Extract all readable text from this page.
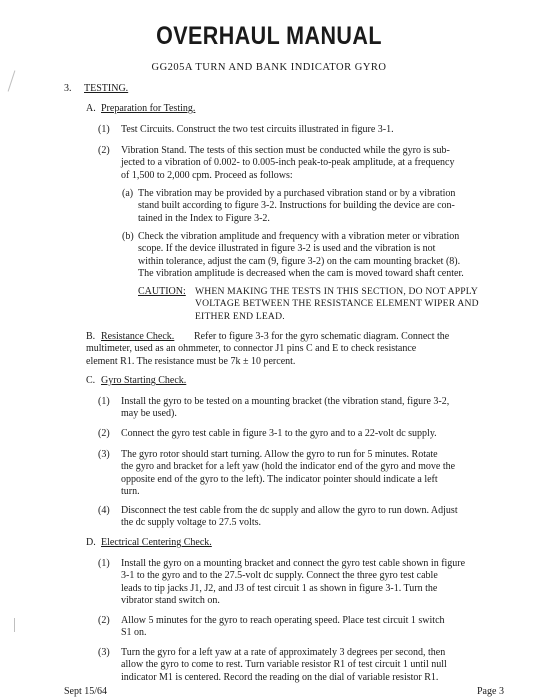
OVERHAUL MANUAL
GG205A TURN AND BANK INDICATOR GYRO
3. TESTING.
A. Preparation for Testing.
(1) Test Circuits. Construct the two test circuits illustrated in figure 3-1.
(2) Vibration Stand. The tests of this section must be conducted while the gyro is sub-
jected to a vibration of 0.002- to 0.005-inch peak-to-peak amplitude, at a frequency
of 1,500 to 2,000 cpm. Proceed as follows:
(a) The vibration may be provided by a purchased vibration stand or by a vibration
stand built according to figure 3-2. Instructions for building the device are con-
tained in the Index to Figure 3-2.
(b) Check the vibration amplitude and frequency with a vibration meter or vibration
scope. If the device illustrated in figure 3-2 is used and the vibration is not
within tolerance, adjust the cam (9, figure 3-2) on the cam mounting bracket (8).
The vibration amplitude is decreased when the cam is moved toward shaft center.
CAUTION: WHEN MAKING THE TESTS IN THIS SECTION, DO NOT APPLY
VOLTAGE BETWEEN THE RESISTANCE ELEMENT WIPER AND
EITHER END LEAD.
B. Resistance Check. Refer to figure 3-3 for the gyro schematic diagram. Connect the
multimeter, used as an ohmmeter, to connector J1 pins C and E to check resistance
element R1. The resistance must be 7k ± 10 percent.
C. Gyro Starting Check.
(1) Install the gyro to be tested on a mounting bracket (the vibration stand, figure 3-2,
may be used).
(2) Connect the gyro test cable in figure 3-1 to the gyro and to a 22-volt dc supply.
(3) The gyro rotor should start turning. Allow the gyro to run for 5 minutes. Rotate
the gyro and bracket for a left yaw (hold the indicator end of the gyro and move the
opposite end of the gyro to the left). The indicator pointer should indicate a left
turn.
(4) Disconnect the test cable from the dc supply and allow the gyro to run down. Adjust
the dc supply voltage to 27.5 volts.
D. Electrical Centering Check.
(1) Install the gyro on a mounting bracket and connect the gyro test cable shown in figure
3-1 to the gyro and to the 27.5-volt dc supply. Connect the three gyro test cable
leads to tip jacks J1, J2, and J3 of test circuit 1 as shown in figure 3-1. Turn the
vibrator stand switch on.
(2) Allow 5 minutes for the gyro to reach operating speed. Place test circuit 1 switch
S1 on.
(3) Turn the gyro for a left yaw at a rate of approximately 3 degrees per second, then
allow the gyro to come to rest. Turn variable resistor R1 of test circuit 1 until null
indicator M1 is centered. Record the reading on the dial of variable resistor R1.
Sept 15/64	Page 3
